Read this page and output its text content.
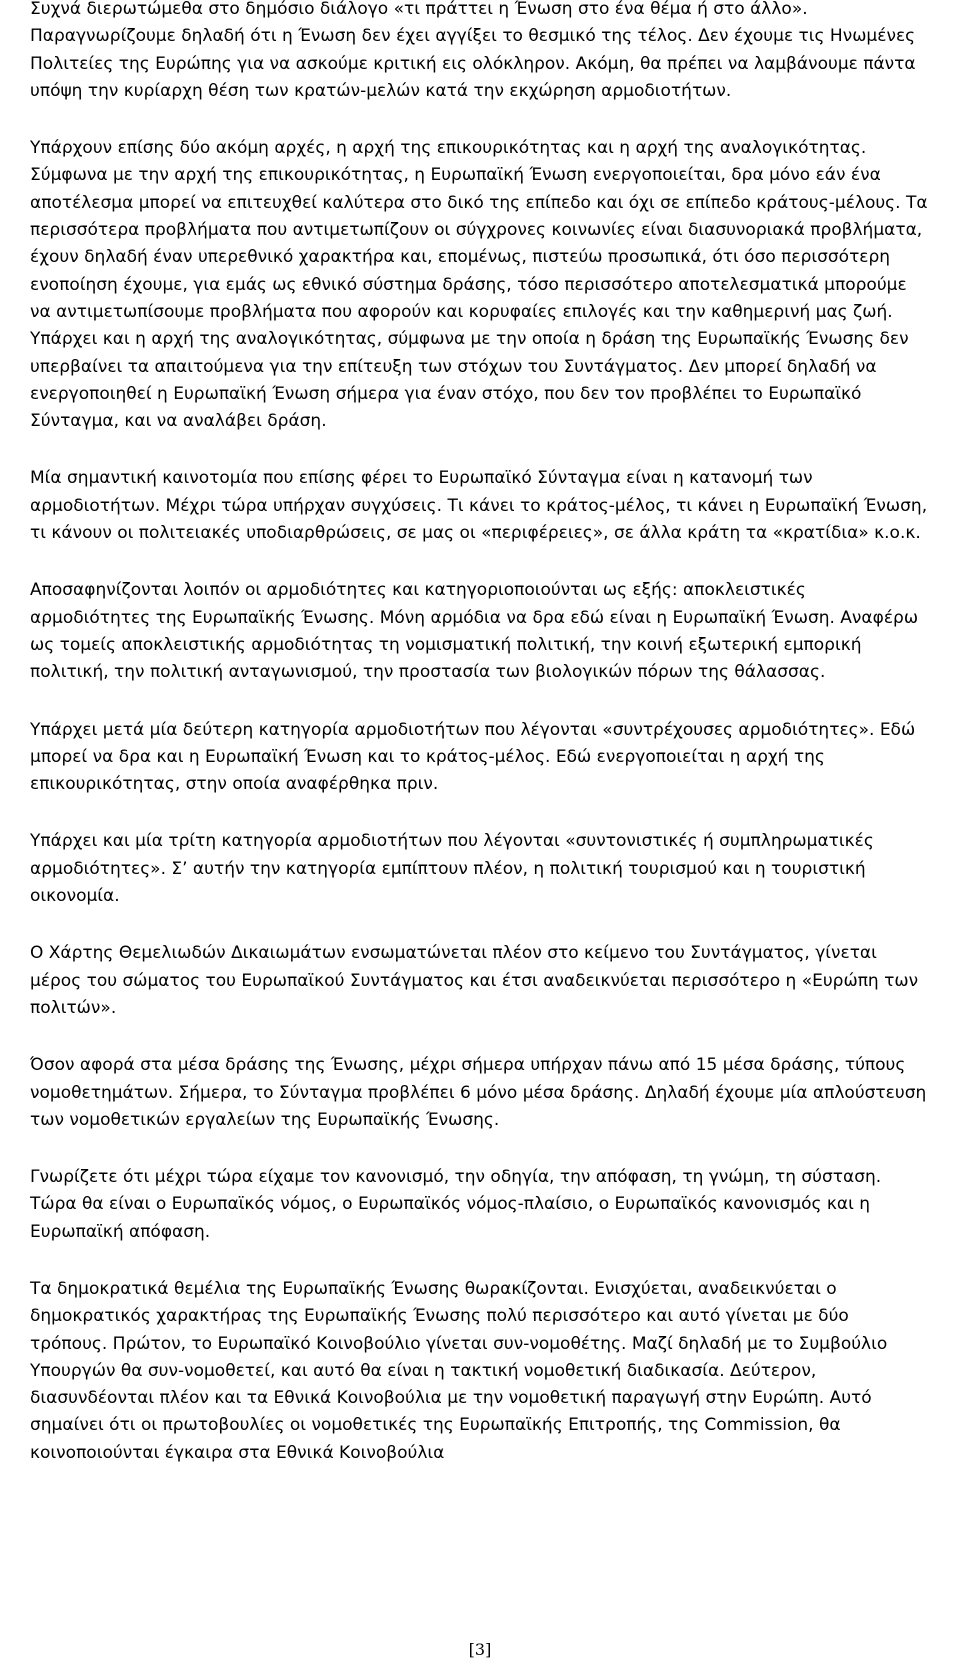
Συχνά διερωτώμεθα στο δημόσιο διάλογο «τι πράττει η Ένωση στο ένα θέμα ή στο άλλο». Παραγνωρίζουμε δηλαδή ότι η Ένωση δεν έχει αγγίξει το θεσμικό της τέλος. Δεν έχουμε τις Ηνωμένες Πολιτείες της Ευρώπης για να ασκούμε κριτική εις ολόκληρον. Ακόμη, θα πρέπει να λαμβάνουμε πάντα υπόψη την κυρίαρχη θέση των κρατών-μελών κατά την εκχώρηση αρμοδιοτήτων.

Υπάρχουν επίσης δύο ακόμη αρχές, η αρχή της επικουρικότητας και η αρχή της αναλογικότητας. Σύμφωνα με την αρχή της επικουρικότητας, η Ευρωπαϊκή Ένωση ενεργοποιείται, δρα μόνο εάν ένα αποτέλεσμα μπορεί να επιτευχθεί καλύτερα στο δικό της επίπεδο και όχι σε επίπεδο κράτους-μέλους. Τα περισσότερα προβλήματα που αντιμετωπίζουν οι σύγχρονες κοινωνίες είναι διασυνοριακά προβλήματα, έχουν δηλαδή έναν υπερεθνικό χαρακτήρα και, επομένως, πιστεύω προσωπικά, ότι όσο περισσότερη ενοποίηση έχουμε, για εμάς ως εθνικό σύστημα δράσης, τόσο περισσότερο αποτελεσματικά μπορούμε να αντιμετωπίσουμε προβλήματα που αφορούν και κορυφαίες επιλογές και την καθημερινή μας ζωή. Υπάρχει και η αρχή της αναλογικότητας, σύμφωνα με την οποία η δράση της Ευρωπαϊκής Ένωσης δεν υπερβαίνει τα απαιτούμενα για την επίτευξη των στόχων του Συντάγματος. Δεν μπορεί δηλαδή να ενεργοποιηθεί η Ευρωπαϊκή Ένωση σήμερα για έναν στόχο, που δεν τον προβλέπει το Ευρωπαϊκό Σύνταγμα, και να αναλάβει δράση.

Μία σημαντική καινοτομία που επίσης φέρει το Ευρωπαϊκό Σύνταγμα είναι η κατανομή των αρμοδιοτήτων. Μέχρι τώρα υπήρχαν συγχύσεις. Τι κάνει το κράτος-μέλος, τι κάνει η Ευρωπαϊκή Ένωση, τι κάνουν οι πολιτειακές υποδιαρθρώσεις, σε μας οι «περιφέρειες», σε άλλα κράτη τα «κρατίδια» κ.ο.κ.

Αποσαφηνίζονται λοιπόν οι αρμοδιότητες και κατηγοριοποιούνται ως εξής: αποκλειστικές αρμοδιότητες της Ευρωπαϊκής Ένωσης. Μόνη αρμόδια να δρα εδώ είναι η Ευρωπαϊκή Ένωση. Αναφέρω ως τομείς αποκλειστικής αρμοδιότητας τη νομισματική πολιτική, την κοινή εξωτερική εμπορική πολιτική, την πολιτική ανταγωνισμού, την προστασία των βιολογικών πόρων της θάλασσας.

Υπάρχει μετά μία δεύτερη κατηγορία αρμοδιοτήτων που λέγονται «συντρέχουσες αρμοδιότητες». Εδώ μπορεί να δρα και η Ευρωπαϊκή Ένωση και το κράτος-μέλος. Εδώ ενεργοποιείται η αρχή της επικουρικότητας, στην οποία αναφέρθηκα πριν.

Υπάρχει και μία τρίτη κατηγορία αρμοδιοτήτων που λέγονται «συντονιστικές ή συμπληρωματικές αρμοδιότητες». Σ’ αυτήν την κατηγορία εμπίπτουν πλέον, η πολιτική τουρισμού και η τουριστική οικονομία.

Ο Χάρτης Θεμελιωδών Δικαιωμάτων ενσωματώνεται πλέον στο κείμενο του Συντάγματος, γίνεται μέρος του σώματος του Ευρωπαϊκού Συντάγματος και έτσι αναδεικνύεται περισσότερο η «Ευρώπη των πολιτών».

Όσον αφορά στα μέσα δράσης της Ένωσης, μέχρι σήμερα υπήρχαν πάνω από 15 μέσα δράσης, τύπους νομοθετημάτων. Σήμερα, το Σύνταγμα προβλέπει 6 μόνο μέσα δράσης. Δηλαδή έχουμε μία απλούστευση των νομοθετικών εργαλείων της Ευρωπαϊκής Ένωσης.

Γνωρίζετε ότι μέχρι τώρα είχαμε τον κανονισμό, την οδηγία, την απόφαση, τη γνώμη, τη σύσταση. Τώρα θα είναι ο Ευρωπαϊκός νόμος, ο Ευρωπαϊκός νόμος-πλαίσιο, ο Ευρωπαϊκός κανονισμός και η Ευρωπαϊκή απόφαση.

Τα δημοκρατικά θεμέλια της Ευρωπαϊκής Ένωσης θωρακίζονται. Ενισχύεται, αναδεικνύεται ο δημοκρατικός χαρακτήρας της Ευρωπαϊκής Ένωσης πολύ περισσότερο και αυτό γίνεται με δύο τρόπους. Πρώτον, το Ευρωπαϊκό Κοινοβούλιο γίνεται συν-νομοθέτης. Μαζί δηλαδή με το Συμβούλιο Υπουργών θα συν-νομοθετεί, και αυτό θα είναι η τακτική νομοθετική διαδικασία. Δεύτερον, διασυνδέονται πλέον και τα Εθνικά Κοινοβούλια με την νομοθετική παραγωγή στην Ευρώπη. Αυτό σημαίνει ότι οι πρωτοβουλίες οι νομοθετικές της Ευρωπαϊκής Επιτροπής, της Commission, θα κοινοποιούνται έγκαιρα στα Εθνικά Κοινοβούλια

[3]
